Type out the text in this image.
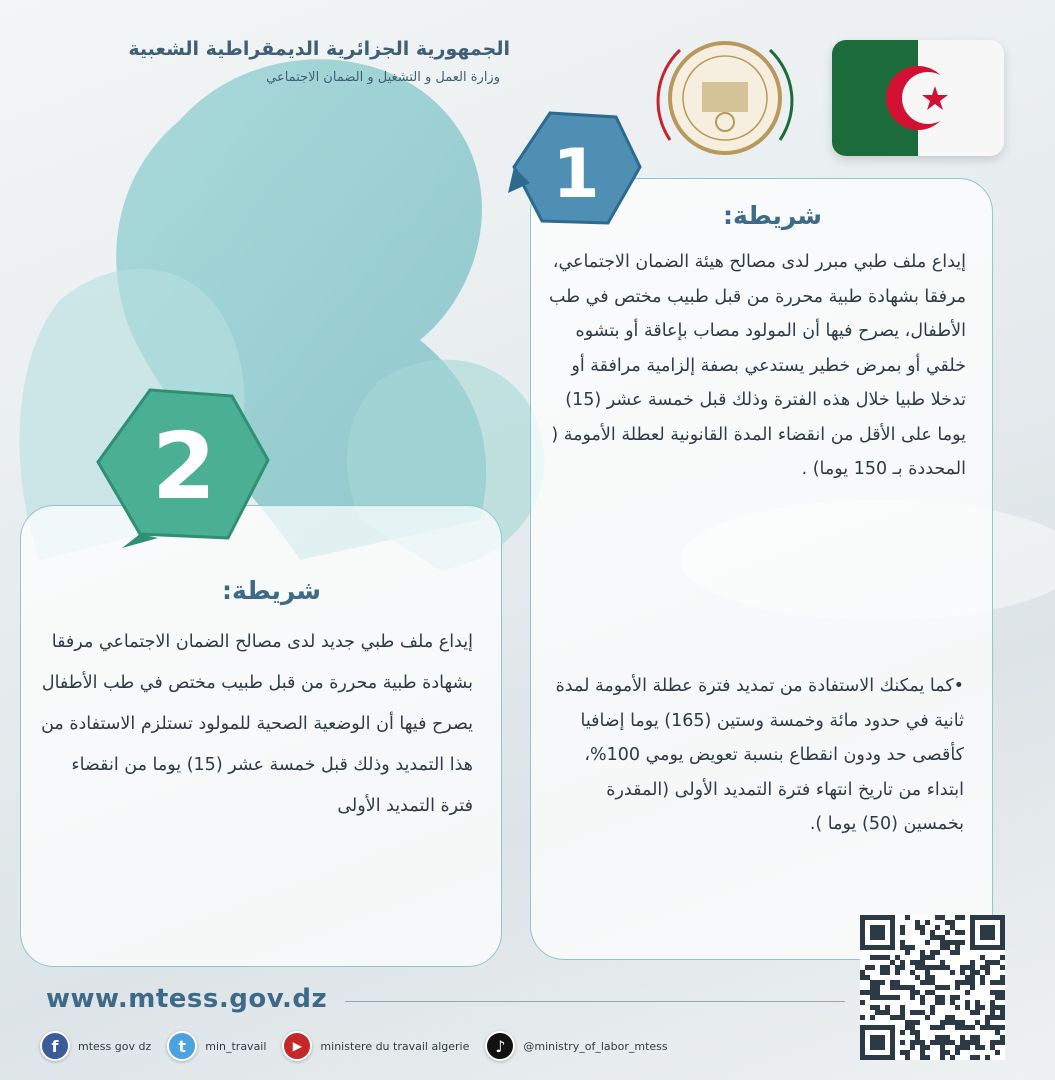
الجمهورية الجزائرية الديمقراطية الشعبية
وزارة العمل و التشغيل و الضمان الاجتماعي
شريطة:
إيداع ملف طبي مبرر لدى مصالح هيئة الضمان الاجتماعي، مرفقا بشهادة طبية محررة من قبل طبيب مختص في طب الأطفال، يصرح فيها أن المولود مصاب بإعاقة أو بتشوه خلقي أو بمرض خطير يستدعي بصفة إلزامية مرافقة أو تدخلا طبيا خلال هذه الفترة وذلك قبل خمسة عشر (15) يوما على الأقل من انقضاء المدة القانونية لعطلة الأمومة ( المحددة بـ 150 يوما) .
•كما يمكنك الاستفادة من تمديد فترة عطلة الأمومة لمدة ثانية في حدود مائة وخمسة وستين (165) يوما إضافيا كأقصى حد ودون انقطاع بنسبة تعويض يومي 100%، ابتداء من تاريخ انتهاء فترة التمديد الأولى (المقدرة بخمسين (50) يوما ).
1
شريطة:
إيداع ملف طبي جديد لدى مصالح الضمان الاجتماعي مرفقا بشهادة طبية محررة من قبل طبيب مختص في طب الأطفال يصرح فيها أن الوضعية الصحية للمولود تستلزم الاستفادة من هذا التمديد وذلك قبل خمسة عشر (15) يوما من انقضاء فترة التمديد الأولى
2
www.mtess.gov.dz
f	mtess gov dz	t	min_travail	▶	ministere du travail algerie	♪	@ministry_of_labor_mtess
